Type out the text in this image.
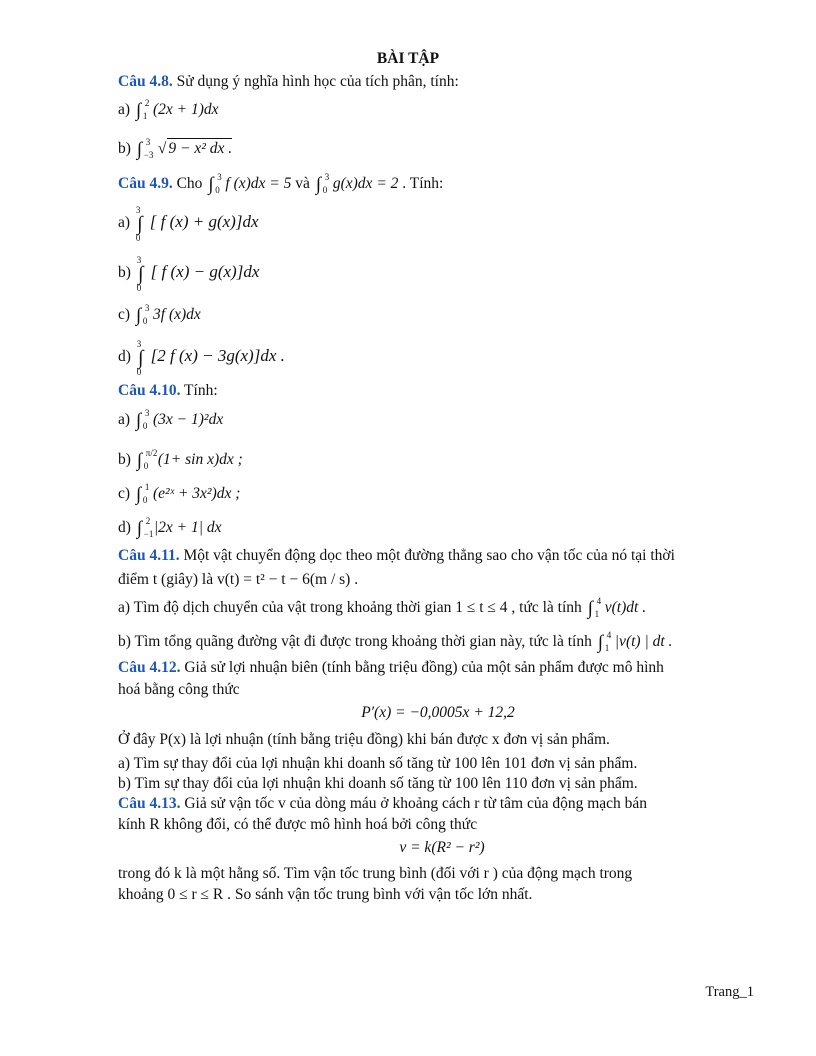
BÀI TẬP
Câu 4.8. Sử dụng ý nghĩa hình học của tích phân, tính:
a) ∫ 2
1 (2x + 1)dx
b) ∫ 3
−3 √ 9 − x² dx .
Câu 4.9. Cho ∫ 3
0 f (x)dx = 5 và ∫ 3
0 g(x)dx = 2 . Tính:
a) ∫
3
0
[ f (x) + g(x)]dx
b) ∫
3
0
[ f (x) − g(x)]dx
c) ∫ 3
0 3f (x)dx
d) ∫
3
0
[2 f (x) − 3g(x)]dx .
Câu 4.10. Tính:
a) ∫ 3
0 (3x − 1)²dx
b) ∫ π/2
0 (1+ sin x)dx ;
c) ∫ 1
0 (e²ˣ + 3x²)dx ;
d) ∫ 2
−1 |2x + 1| dx
Câu 4.11. Một vật chuyển động dọc theo một đường thẳng sao cho vận tốc của nó tại thời
điểm t (giây) là v(t) = t² − t − 6(m / s) .
a) Tìm độ dịch chuyển của vật trong khoảng thời gian 1 ≤ t ≤ 4 , tức là tính ∫ 4
1 v(t)dt .
b) Tìm tổng quãng đường vật đi được trong khoảng thời gian này, tức là tính ∫ 4
1 |v(t) | dt .
Câu 4.12. Giả sử lợi nhuận biên (tính bằng triệu đồng) của một sản phẩm được mô hình
hoá bằng công thức
P′(x) = −0,0005x + 12,2
Ở đây P(x) là lợi nhuận (tính bằng triệu đồng) khi bán được x đơn vị sản phẩm.
a) Tìm sự thay đổi của lợi nhuận khi doanh số tăng từ 100 lên 101 đơn vị sản phẩm.
b) Tìm sự thay đổi của lợi nhuận khi doanh số tăng từ 100 lên 110 đơn vị sản phẩm.
Câu 4.13. Giả sử vận tốc v của dòng máu ở khoảng cách r từ tâm của động mạch bán
kính R không đổi, có thể được mô hình hoá bởi công thức
v = k(R² − r²)
trong đó k là một hằng số. Tìm vận tốc trung bình (đối với r ) của động mạch trong
khoảng 0 ≤ r ≤ R . So sánh vận tốc trung bình với vận tốc lớn nhất.
Trang_1
